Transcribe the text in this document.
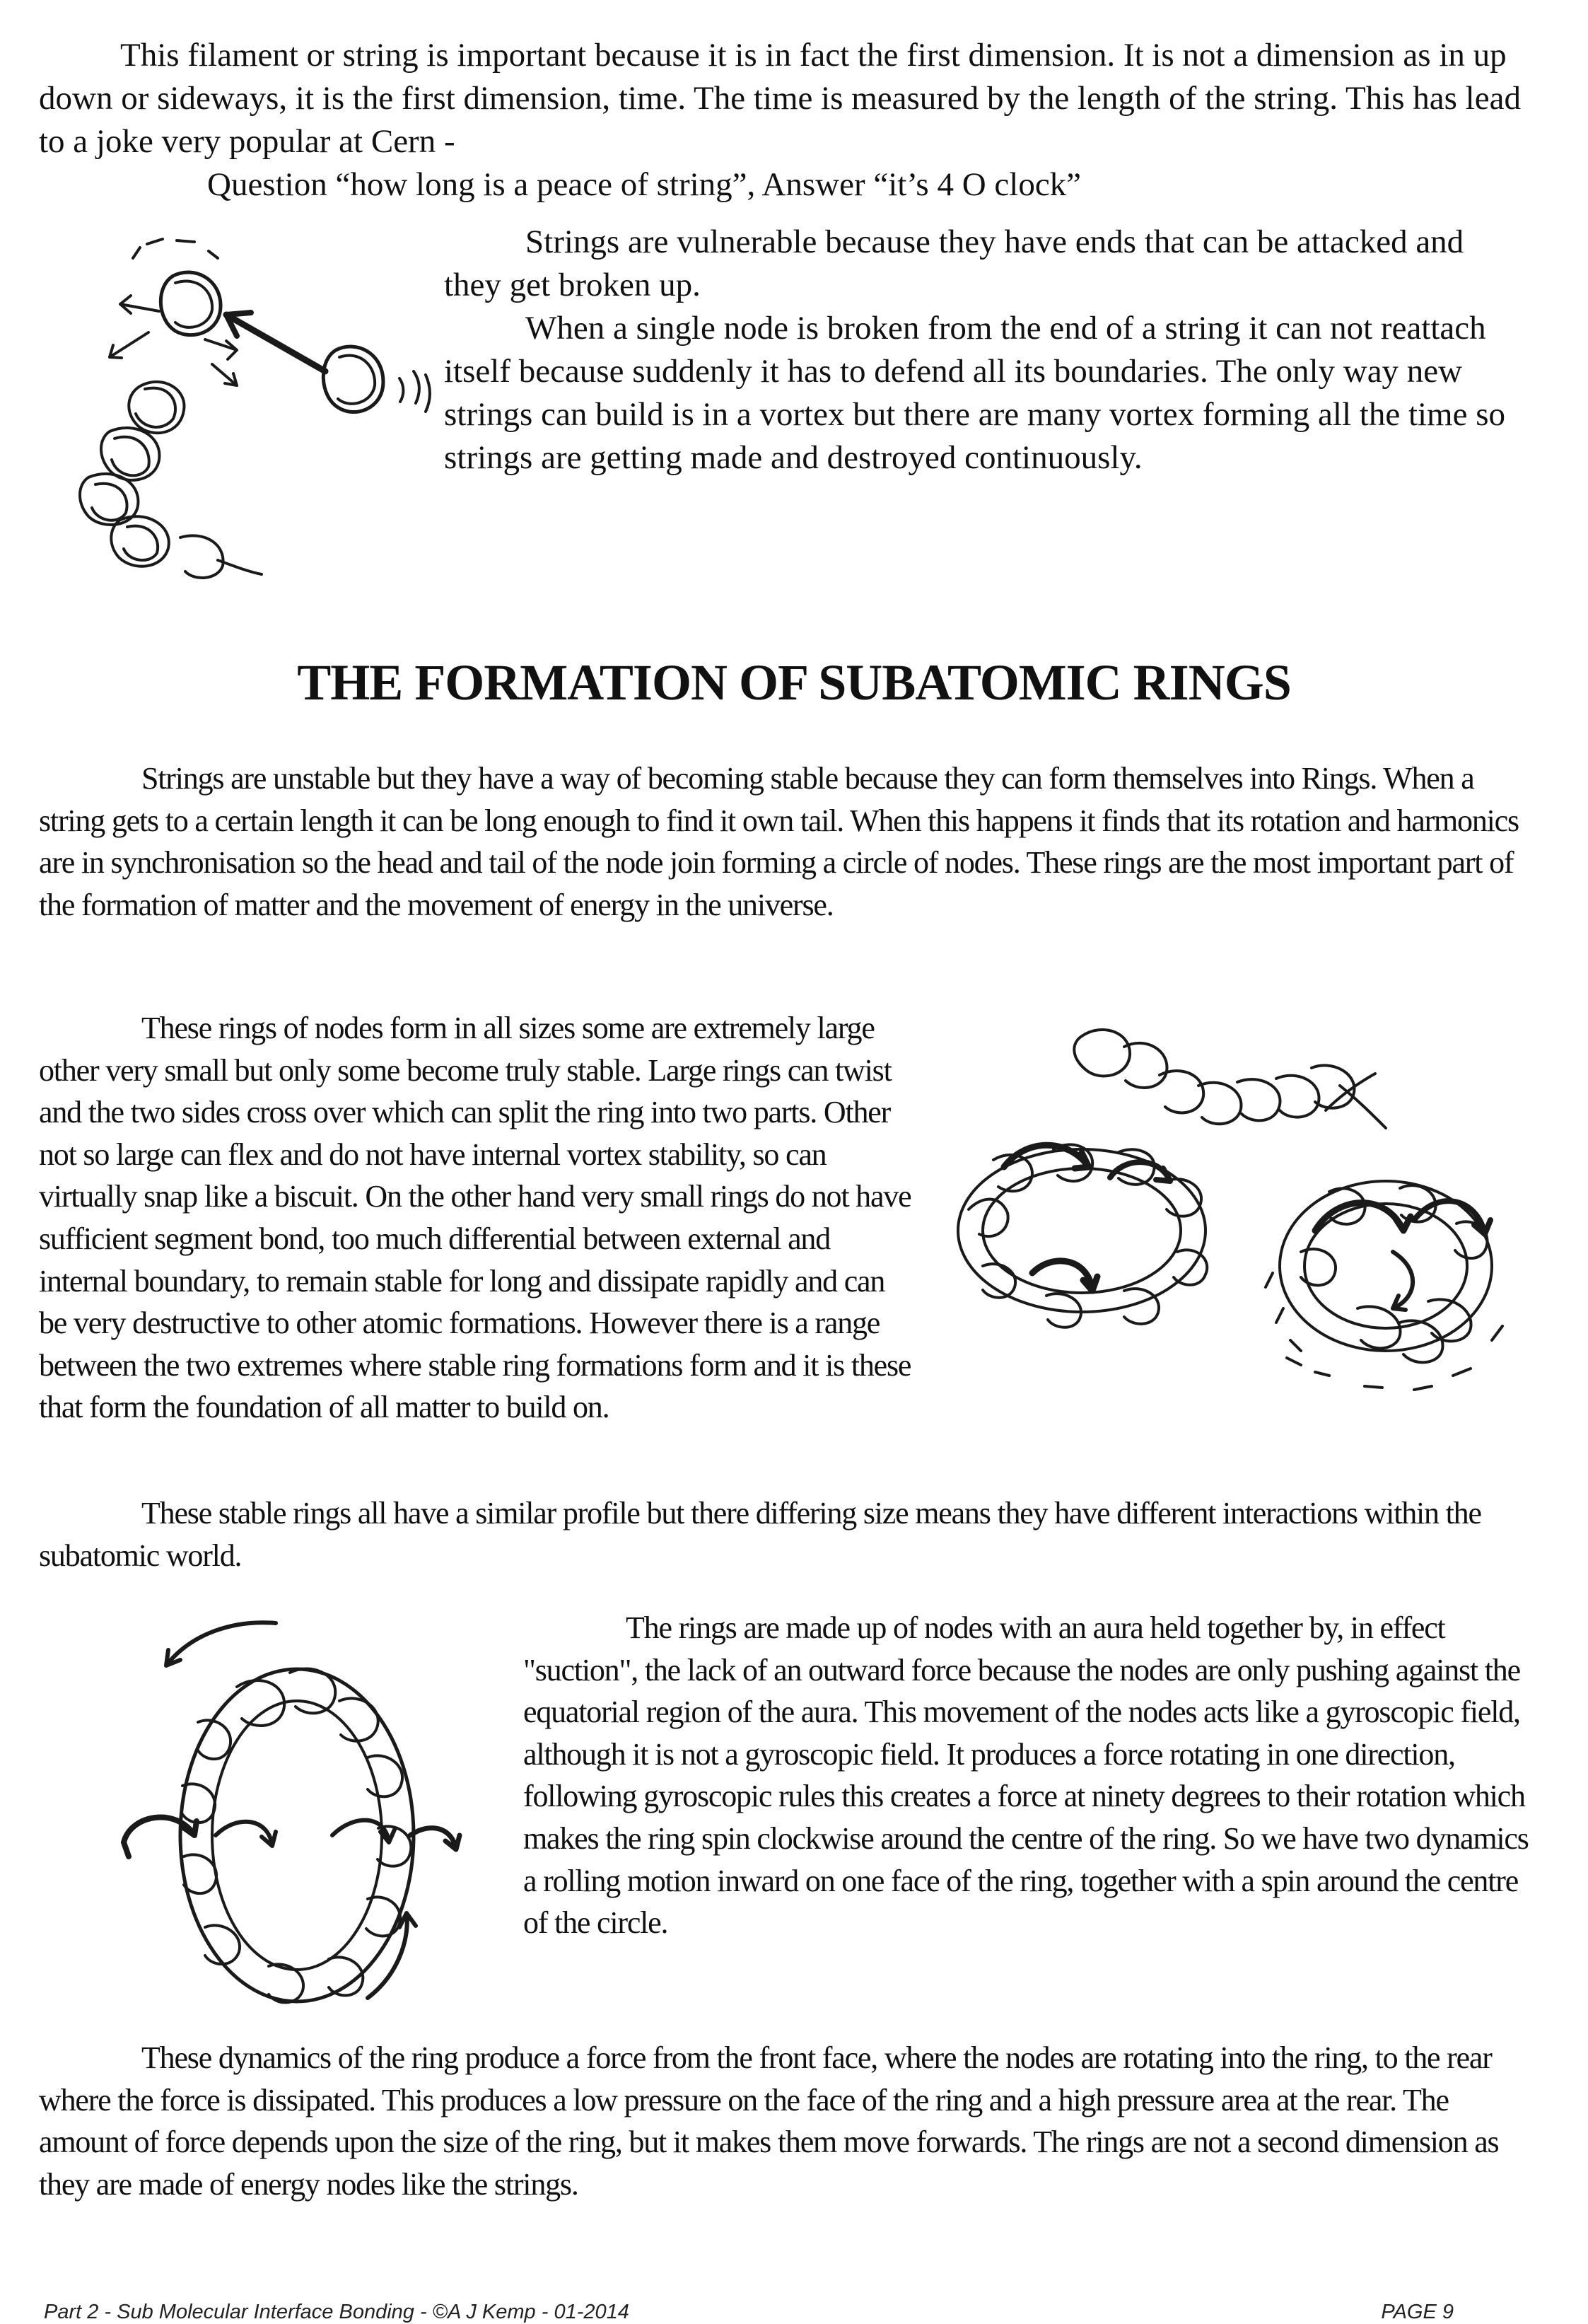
This filament or string is important because it is in fact the first dimension. It is not a dimension as in up down or sideways, it is the first dimension, time. The time is measured by the length of the string. This has lead to a joke very popular at Cern -

Question “how long is a peace of string”, Answer “it’s 4 O clock”

Strings are vulnerable because they have ends that can be attacked and they get broken up.

When a single node is broken from the end of a string it can not reattach itself because suddenly it has to defend all its boundaries. The only way new strings can build is in a vortex but there are many vortex forming all the time so strings are getting made and destroyed continuously.

THE FORMATION OF SUBATOMIC RINGS

Strings are unstable but they have a way of becoming stable because they can form themselves into Rings. When a string gets to a certain length it can be long enough to find it own tail. When this happens it finds that its rotation and harmonics are in synchronisation so the head and tail of the node join forming a circle of nodes. These rings are the most important part of the formation of matter and the movement of energy in the universe.

These rings of nodes form in all sizes some are extremely large other very small but only some become truly stable. Large rings can twist and the two sides cross over which can split the ring into two parts. Other not so large can flex and do not have internal vortex stability, so can virtually snap like a biscuit. On the other hand very small rings do not have sufficient segment bond, too much differential between external and internal boundary, to remain stable for long and dissipate rapidly and can be very destructive to other atomic formations. However there is a range between the two extremes where stable ring formations form and it is these that form the foundation of all matter to build on.

These stable rings all have a similar profile but there differing size means they have different interactions within the subatomic world.

The rings are made up of nodes with an aura held together by, in effect "suction", the lack of an outward force because the nodes are only pushing against the equatorial region of the aura. This movement of the nodes acts like a gyroscopic field, although it is not a gyroscopic field. It produces a force rotating in one direction, following gyroscopic rules this creates a force at ninety degrees to their rotation which makes the ring spin clockwise around the centre of the ring. So we have two dynamics a rolling motion inward on one face of the ring, together with a spin around the centre of the circle.

These dynamics of the ring produce a force from the front face, where the nodes are rotating into the ring, to the rear where the force is dissipated. This produces a low pressure on the face of the ring and a high pressure area at the rear. The amount of force depends upon the size of the ring, but it makes them move forwards. The rings are not a second dimension as they are made of energy nodes like the strings.

Part 2 - Sub Molecular Interface Bonding - ©A J Kemp - 01-2014	PAGE 9
